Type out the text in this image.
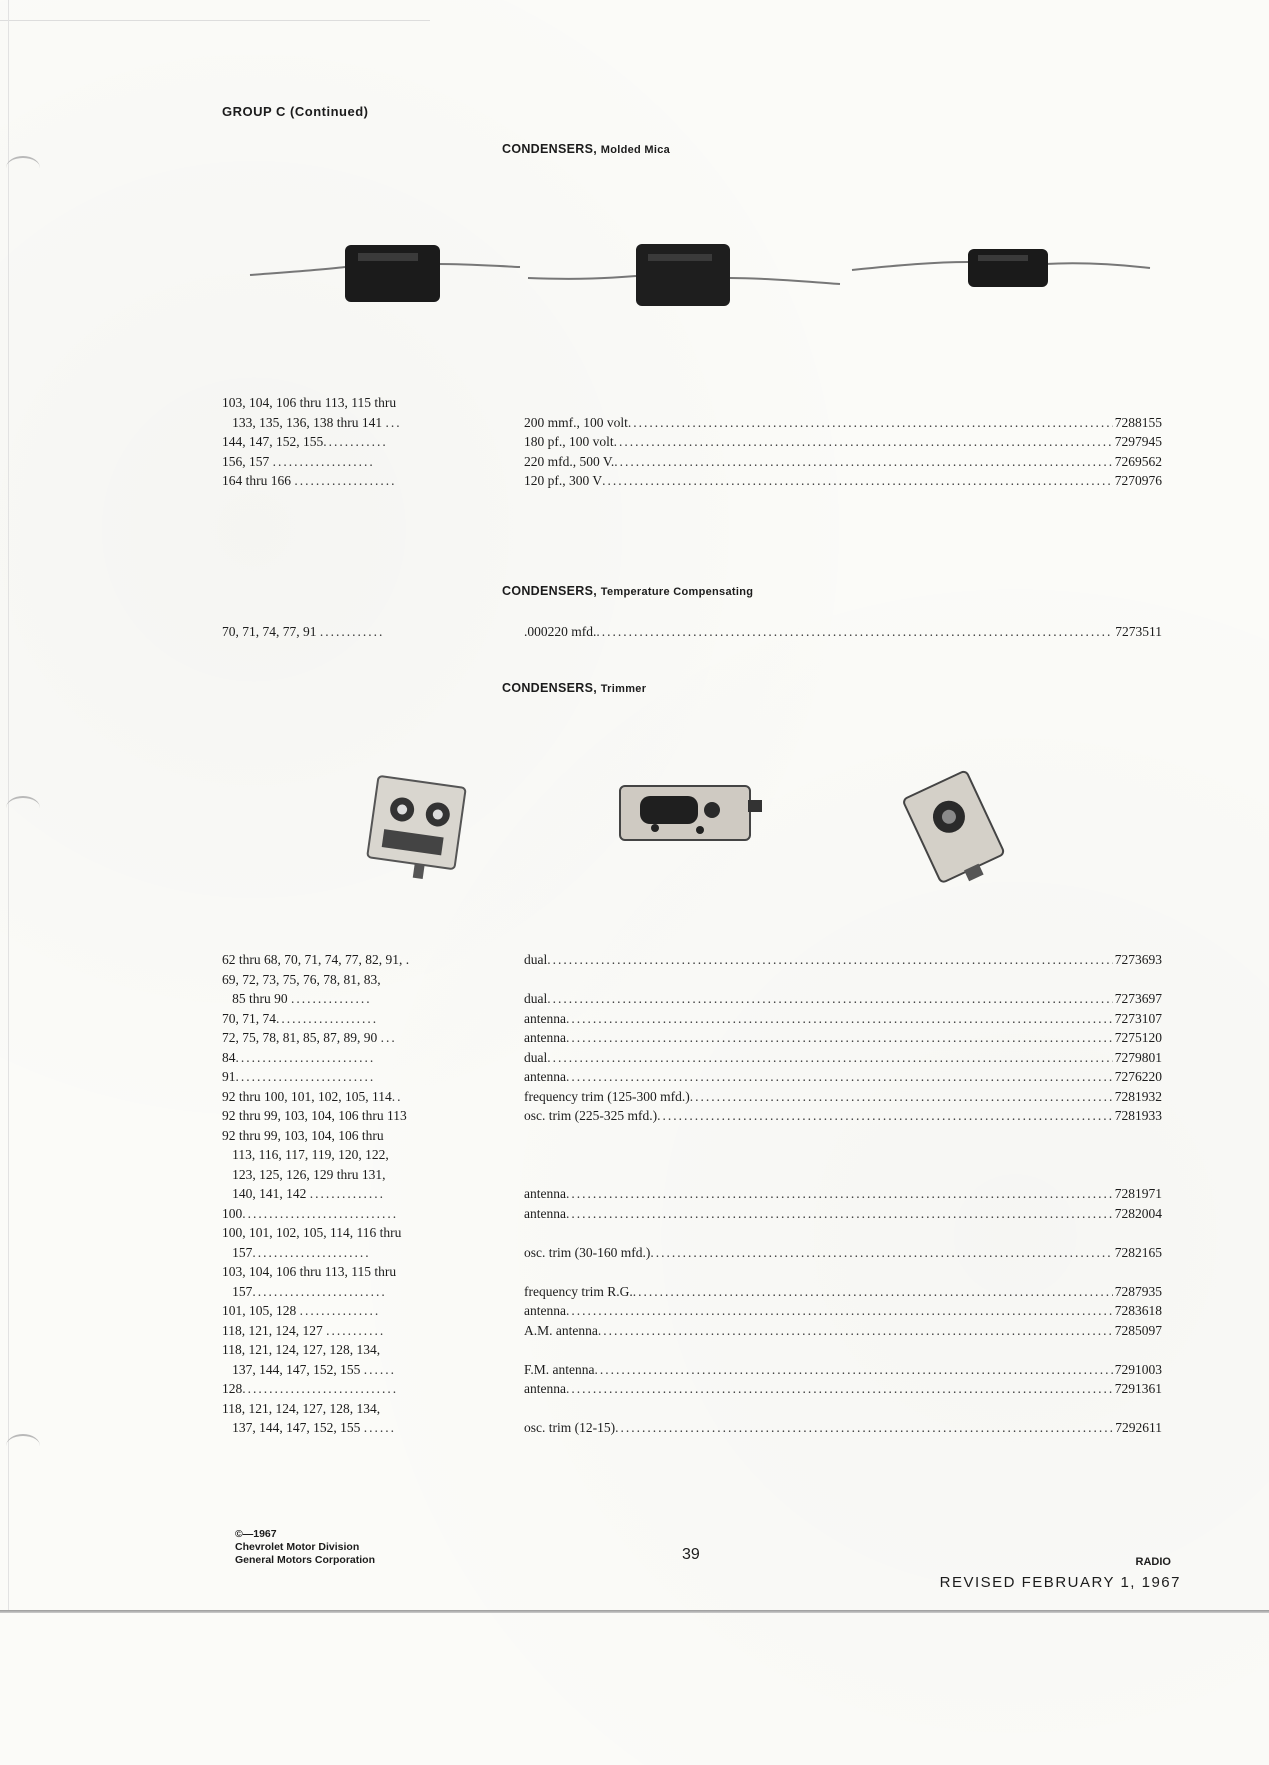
GROUP C (Continued)
CONDENSERS, Molded Mica
103, 104, 106 thru 113, 115 thru
133, 135, 136, 138 thru 141 ...	200 mmf., 100 volt .....	7288155
144, 147, 152, 155............	180 pf., 100 volt .....	7297945
156, 157 ...................	220 mfd., 500 V. .....	7269562
164 thru 166 ...................	120 pf., 300 V .....	7270976
CONDENSERS, Temperature Compensating
70, 71, 74, 77, 91 ............	.000220 mfd. .....	7273511
CONDENSERS, Trimmer
62 thru 68, 70, 71, 74, 77, 82, 91, .	dual .....	7273693
69, 72, 73, 75, 76, 78, 81, 83,
85 thru 90 ...............	dual .....	7273697
70, 71, 74...................	antenna .....	7273107
72, 75, 78, 81, 85, 87, 89, 90 ...	antenna .....	7275120
84..........................	dual .....	7279801
91..........................	antenna .....	7276220
92 thru 100, 101, 102, 105, 114..	frequency trim (125-300 mfd.) .....	7281932
92 thru 99, 103, 104, 106 thru 113	osc. trim (225-325 mfd.) .....	7281933
92 thru 99, 103, 104, 106 thru
113, 116, 117, 119, 120, 122,
123, 125, 126, 129 thru 131,
140, 141, 142 ..............	antenna .....	7281971
100.............................	antenna .....	7282004
100, 101, 102, 105, 114, 116 thru
157......................	osc. trim (30-160 mfd.) .....	7282165
103, 104, 106 thru 113, 115 thru
157.........................	frequency trim R.G. .....	7287935
101, 105, 128 ...............	antenna .....	7283618
118, 121, 124, 127 ...........	A.M. antenna .....	7285097
118, 121, 124, 127, 128, 134,
137, 144, 147, 152, 155 ......	F.M. antenna .....	7291003
128.............................	antenna .....	7291361
118, 121, 124, 127, 128, 134,
137, 144, 147, 152, 155 ......	osc. trim (12-15) .....	7292611
©—1967
Chevrolet Motor Division
General Motors Corporation	39	RADIO
REVISED FEBRUARY 1, 1967
